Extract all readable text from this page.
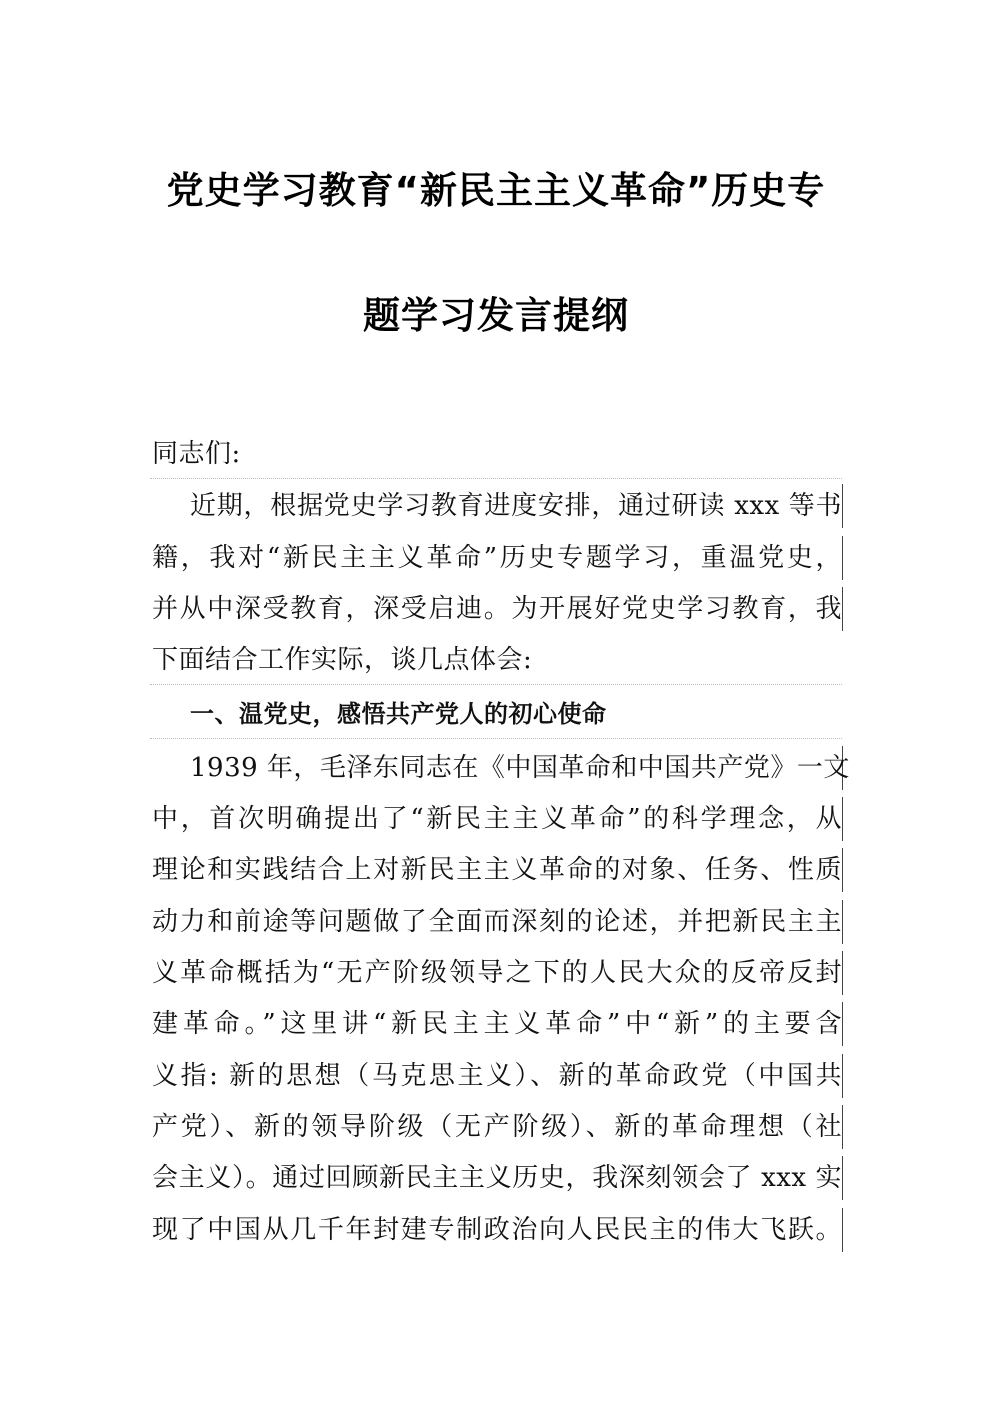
党史学习教育“新民主主义革命”历史专
题学习发言提纲
同志们:
近期，根据党史学习教育进度安排，通过研读 xxx 等书
籍，我对“新民主主义革命”历史专题学习，重温党史，
并从中深受教育，深受启迪。为开展好党史学习教育，我
下面结合工作实际，谈几点体会:
一、温党史，感悟共产党人的初心使命
1939 年，毛泽东同志在《中国革命和中国共产党》一文
中，首次明确提出了“新民主主义革命”的科学理念，从
理论和实践结合上对新民主主义革命的对象、任务、性质
动力和前途等问题做了全面而深刻的论述，并把新民主主
义革命概括为“无产阶级领导之下的人民大众的反帝反封
建革命。”这里讲“新民主主义革命”中“新”的主要含
义指: 新的思想（马克思主义）、新的革命政党（中国共
产党）、新的领导阶级（无产阶级）、新的革命理想（社
会主义）。通过回顾新民主主义历史，我深刻领会了 xxx 实
现了中国从几千年封建专制政治向人民民主的伟大飞跃。
